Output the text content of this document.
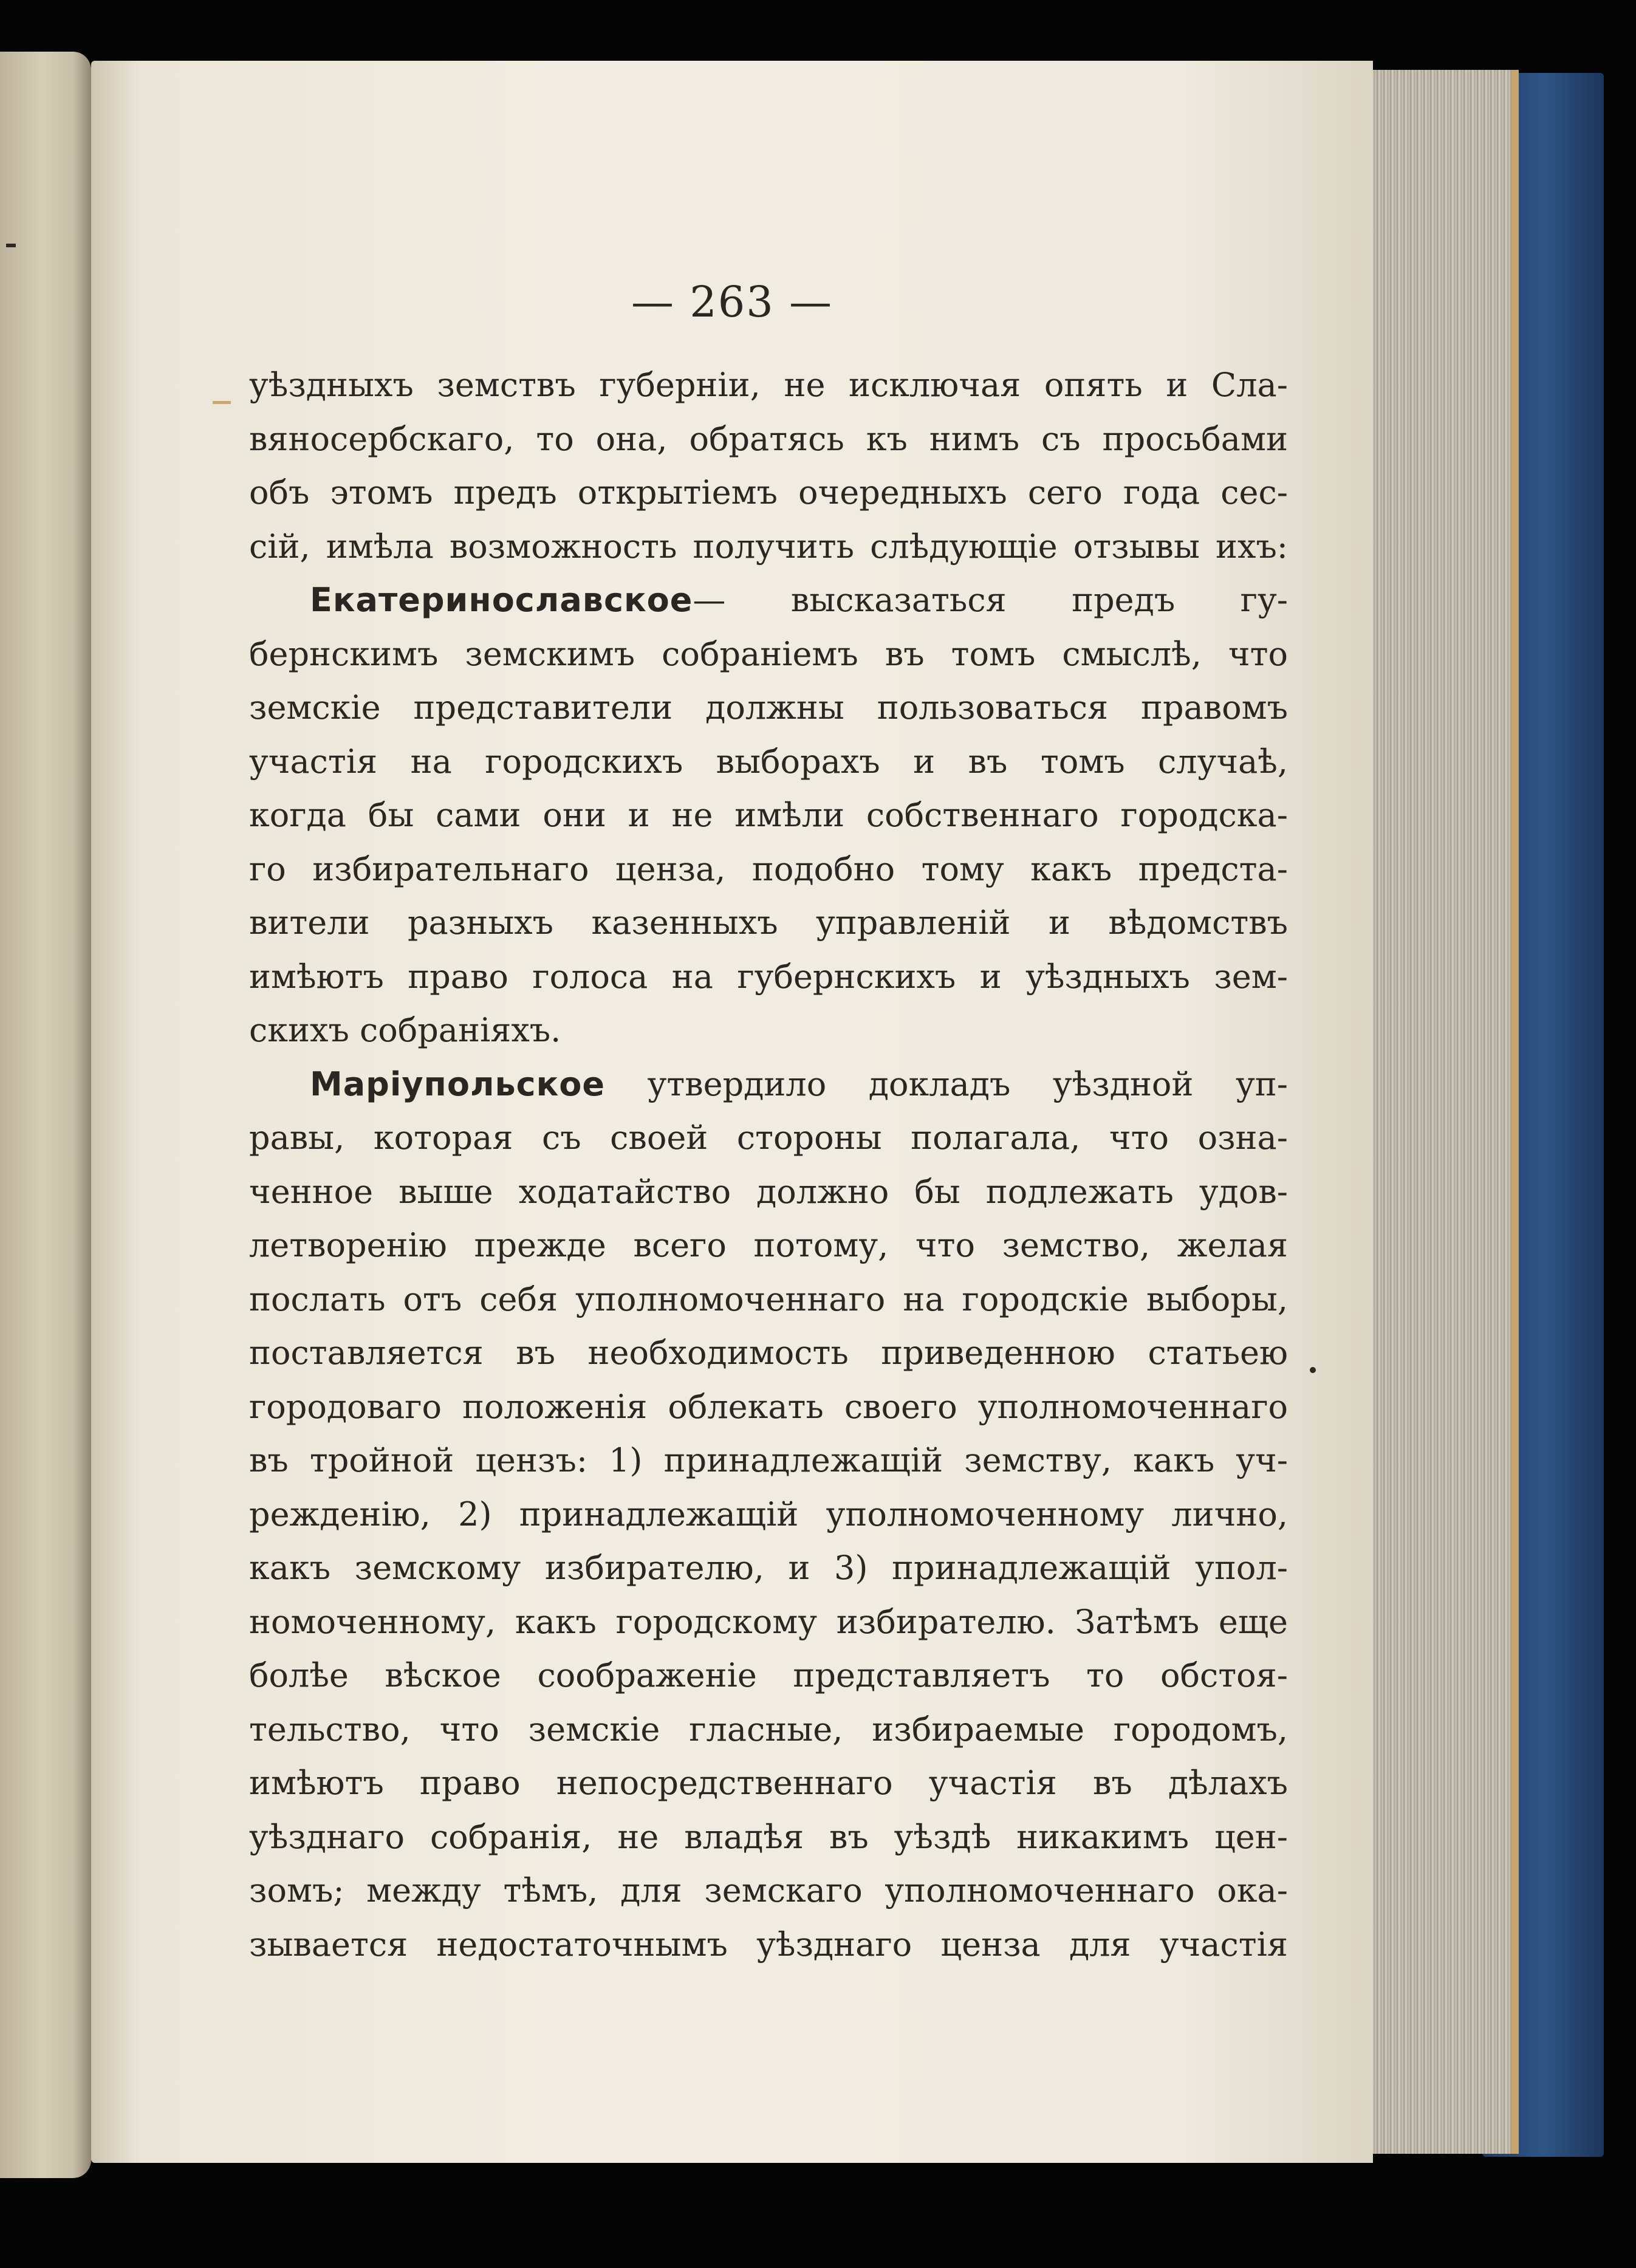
— 263 —
уѣздныхъ земствъ губерніи, не исключая опять и Сла-
вяносербскаго, то она, обратясь къ нимъ съ просьбами
объ этомъ предъ открытіемъ очередныхъ сего года сес-
сій, имѣла возможность получить слѣдующіе отзывы ихъ:
Екатеринославское— высказаться предъ гу-
бернскимъ земскимъ собраніемъ въ томъ смыслѣ, что
земскіе представители должны пользоваться правомъ
участія на городскихъ выборахъ и въ томъ случаѣ,
когда бы сами они и не имѣли собственнаго городска-
го избирательнаго ценза, подобно тому какъ предста-
вители разныхъ казенныхъ управленій и вѣдомствъ
имѣютъ право голоса на губернскихъ и уѣздныхъ зем-
скихъ собраніяхъ.
Маріупольское утвердило докладъ уѣздной уп-
равы, которая съ своей стороны полагала, что озна-
ченное выше ходатайство должно бы подлежать удов-
летворенію прежде всего потому, что земство, желая
послать отъ себя уполномоченнаго на городскіе выборы,
поставляется въ необходимость приведенною статьею
городоваго положенія облекать своего уполномоченнаго
въ тройной цензъ: 1) принадлежащій земству, какъ уч-
режденію, 2) принадлежащій уполномоченному лично,
какъ земскому избирателю, и 3) принадлежащій упол-
номоченному, какъ городскому избирателю. Затѣмъ еще
болѣе вѣское соображеніе представляетъ то обстоя-
тельство, что земскіе гласные, избираемые городомъ,
имѣютъ право непосредственнаго участія въ дѣлахъ
уѣзднаго собранія, не владѣя въ уѣздѣ никакимъ цен-
зомъ; между тѣмъ, для земскаго уполномоченнаго ока-
зывается недостаточнымъ уѣзднаго ценза для участія
